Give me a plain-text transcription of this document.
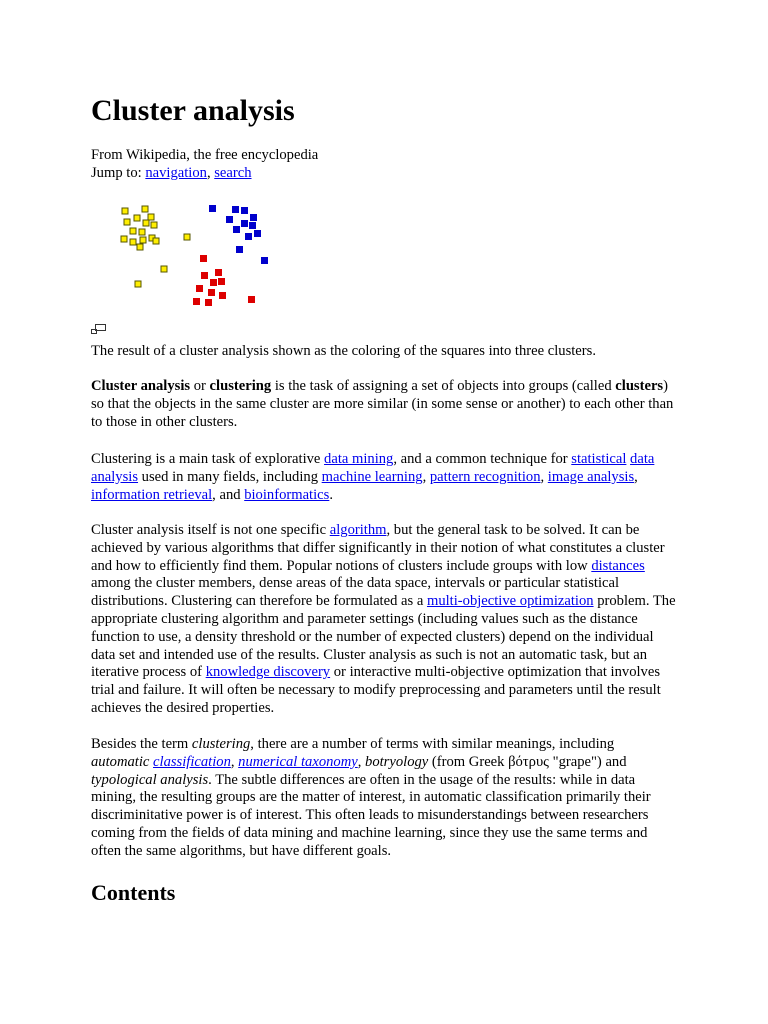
Cluster analysis

From Wikipedia, the free encyclopedia

Jump to: navigation, search

The result of a cluster analysis shown as the coloring of the squares into three clusters.

Cluster analysis or clustering is the task of assigning a set of objects into groups (called clusters) so that the objects in the same cluster are more similar (in some sense or another) to each other than to those in other clusters.

Clustering is a main task of explorative data mining, and a common technique for statistical data analysis used in many fields, including machine learning, pattern recognition, image analysis, information retrieval, and bioinformatics.

Cluster analysis itself is not one specific algorithm, but the general task to be solved. It can be achieved by various algorithms that differ significantly in their notion of what constitutes a cluster and how to efficiently find them. Popular notions of clusters include groups with low distances among the cluster members, dense areas of the data space, intervals or particular statistical distributions. Clustering can therefore be formulated as a multi-objective optimization problem. The appropriate clustering algorithm and parameter settings (including values such as the distance function to use, a density threshold or the number of expected clusters) depend on the individual data set and intended use of the results. Cluster analysis as such is not an automatic task, but an iterative process of knowledge discovery or interactive multi-objective optimization that involves trial and failure. It will often be necessary to modify preprocessing and parameters until the result achieves the desired properties.

Besides the term clustering, there are a number of terms with similar meanings, including automatic classification, numerical taxonomy, botryology (from Greek βότρυς "grape") and typological analysis. The subtle differences are often in the usage of the results: while in data mining, the resulting groups are the matter of interest, in automatic classification primarily their discriminitative power is of interest. This often leads to misunderstandings between researchers coming from the fields of data mining and machine learning, since they use the same terms and often the same algorithms, but have different goals.

Contents
